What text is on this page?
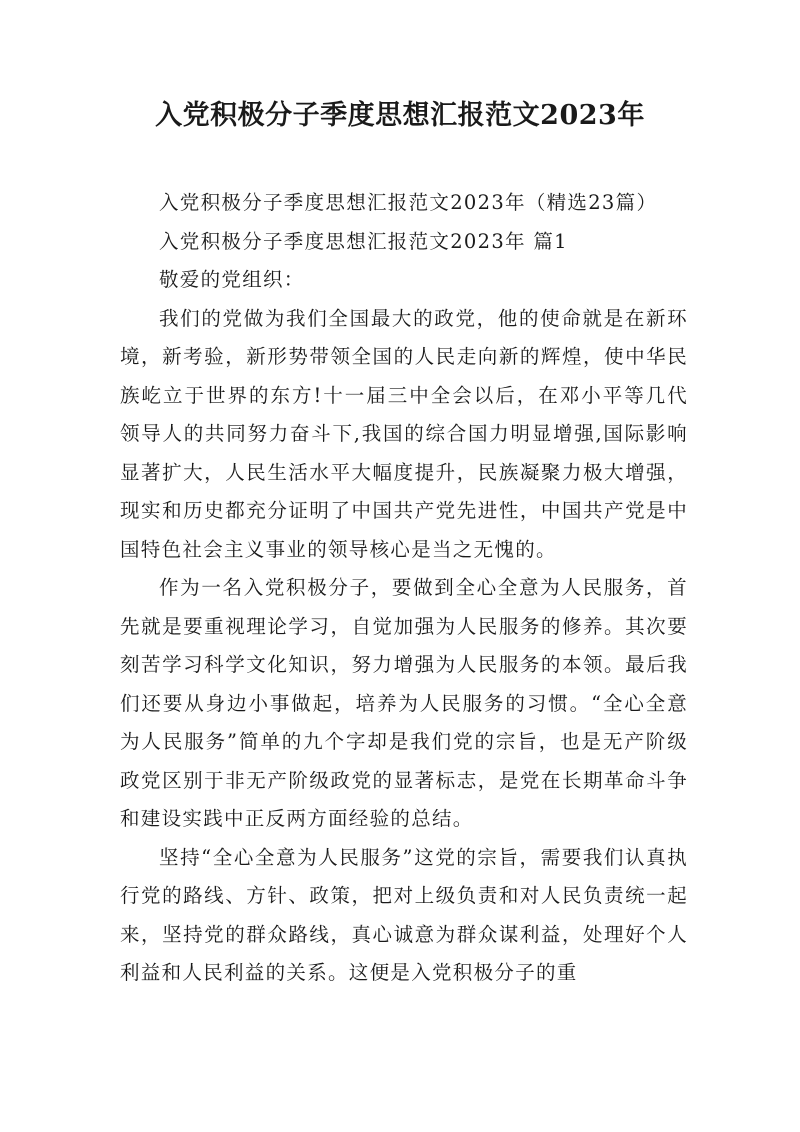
入党积极分子季度思想汇报范文2023年

入党积极分子季度思想汇报范文2023年（精选23篇）

入党积极分子季度思想汇报范文2023年 篇1

敬爱的党组织：

我们的党做为我们全国最大的政党，他的使命就是在新环境，新考验，新形势带领全国的人民走向新的辉煌，使中华民族屹立于世界的东方!十一届三中全会以后，在邓小平等几代领导人的共同努力奋斗下,我国的综合国力明显增强,国际影响显著扩大，人民生活水平大幅度提升，民族凝聚力极大增强，现实和历史都充分证明了中国共产党先进性，中国共产党是中国特色社会主义事业的领导核心是当之无愧的。

作为一名入党积极分子，要做到全心全意为人民服务，首先就是要重视理论学习，自觉加强为人民服务的修养。其次要刻苦学习科学文化知识，努力增强为人民服务的本领。最后我们还要从身边小事做起，培养为人民服务的习惯。“全心全意为人民服务”简单的九个字却是我们党的宗旨，也是无产阶级政党区别于非无产阶级政党的显著标志，是党在长期革命斗争和建设实践中正反两方面经验的总结。

坚持“全心全意为人民服务”这党的宗旨，需要我们认真执行党的路线、方针、政策，把对上级负责和对人民负责统一起来，坚持党的群众路线，真心诚意为群众谋利益，处理好个人利益和人民利益的关系。这便是入党积极分子的重
